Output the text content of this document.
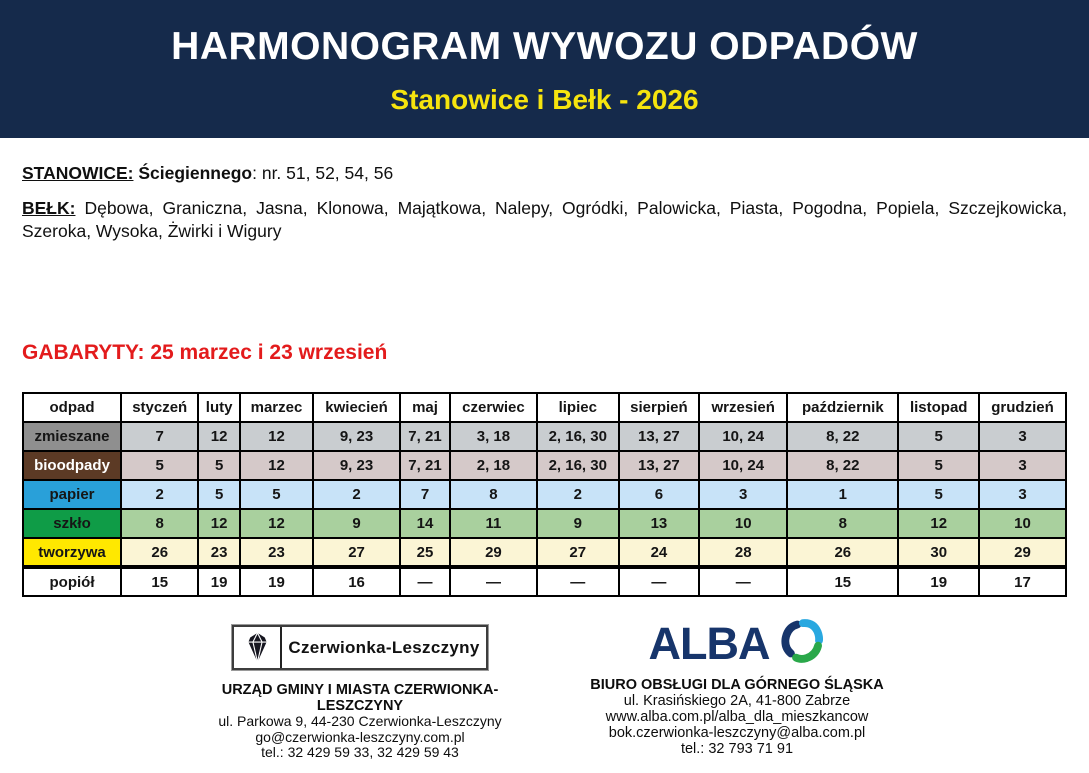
HARMONOGRAM WYWOZU ODPADÓW
Stanowice i Bełk - 2026

STANOWICE: Ściegiennego: nr. 51, 52, 54, 56

BEŁK: Dębowa, Graniczna, Jasna, Klonowa, Majątkowa, Nalepy, Ogródki, Palowicka, Piasta, Pogodna, Popiela, Szczejkowicka, Szeroka, Wysoka, Żwirki i Wigury

GABARYTY: 25 marzec i 23 wrzesień
odpad	styczeń	luty	marzec	kwiecień	maj	czerwiec	lipiec	sierpień	wrzesień	październik	listopad	grudzień
zmieszane	7	12	12	9, 23	7, 21	3, 18	2, 16, 30	13, 27	10, 24	8, 22	5	3
bioodpady	5	5	12	9, 23	7, 21	2, 18	2, 16, 30	13, 27	10, 24	8, 22	5	3
papier	2	5	5	2	7	8	2	6	3	1	5	3
szkło	8	12	12	9	14	11	9	13	10	8	12	10
tworzywa	26	23	23	27	25	29	27	24	28	26	30	29
popiół	15	19	19	16	—	—	—	—	—	15	19	17
Czerwionka-Leszczyny
URZĄD GMINY I MIASTA CZERWIONKA-LESZCZYNY
ul. Parkowa 9, 44-230 Czerwionka-Leszczyny
go@czerwionka-leszczyny.com.pl
tel.: 32 429 59 33, 32 429 59 43
ALBA
BIURO OBSŁUGI DLA GÓRNEGO ŚLĄSKA
ul. Krasińskiego 2A, 41-800 Zabrze
www.alba.com.pl/alba_dla_mieszkancow
bok.czerwionka-leszczyny@alba.com.pl
tel.: 32 793 71 91
